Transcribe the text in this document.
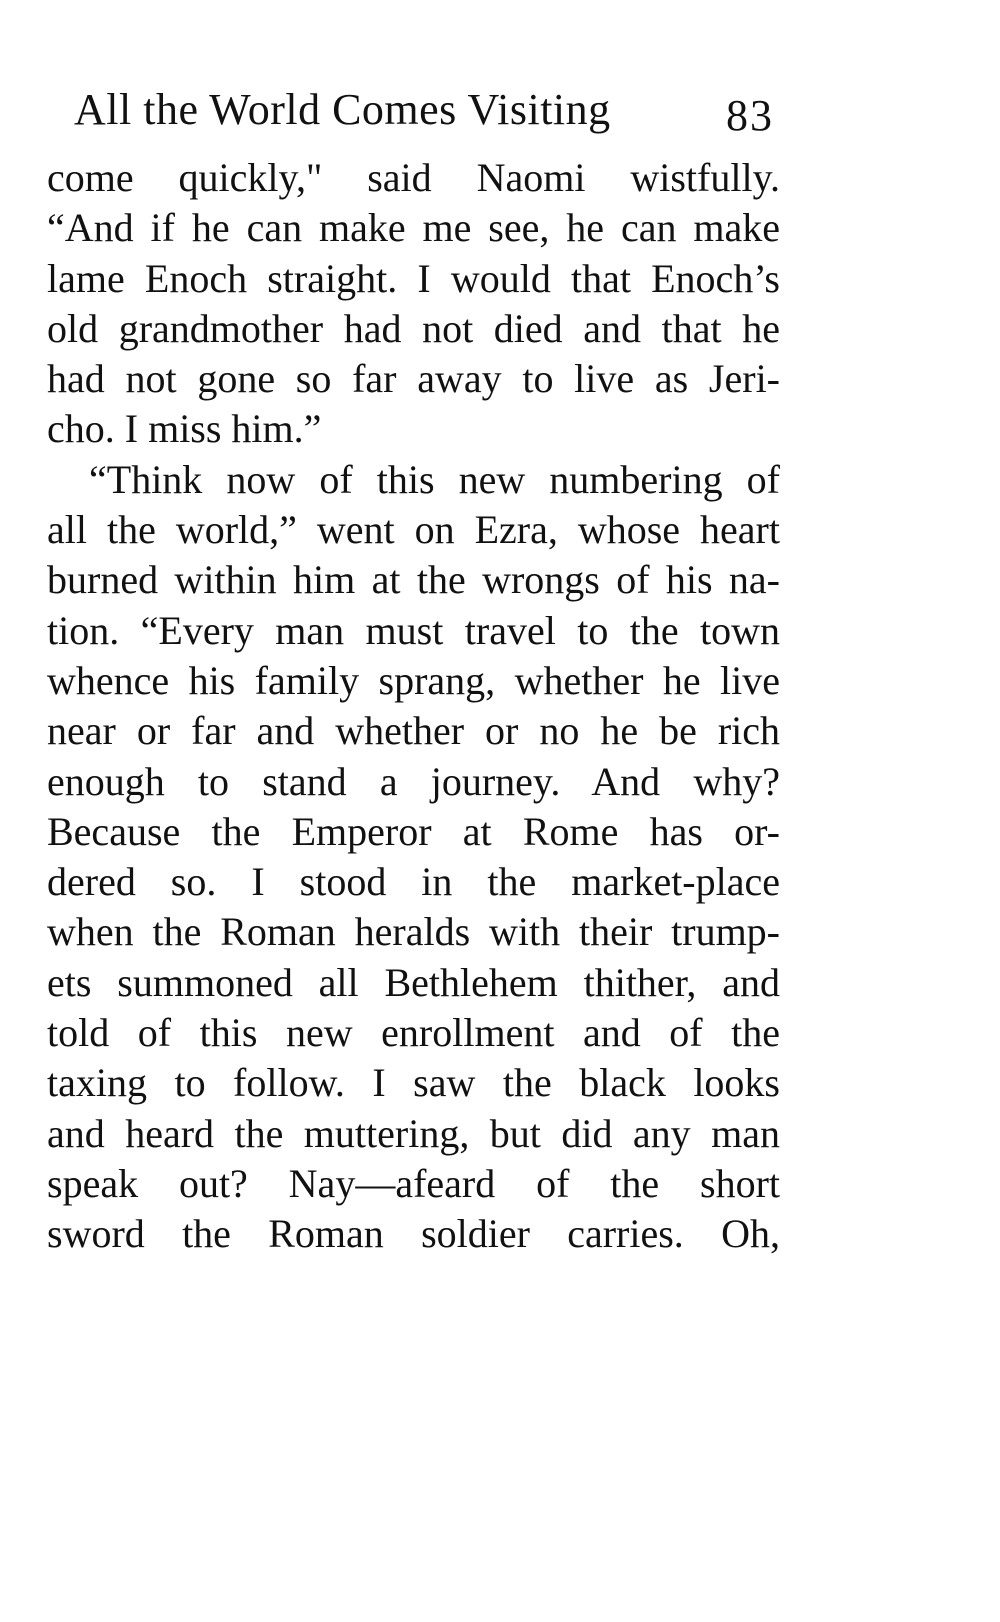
All the World Comes Visiting	83
come quickly," said Naomi wistfully.
“And if he can make me see, he can make
lame Enoch straight. I would that Enoch’s
old grandmother had not died and that he
had not gone so far away to live as Jeri-
cho. I miss him.”
“Think now of this new numbering of
all the world,” went on Ezra, whose heart
burned within him at the wrongs of his na-
tion. “Every man must travel to the town
whence his family sprang, whether he live
near or far and whether or no he be rich
enough to stand a journey. And why?
Because the Emperor at Rome has or-
dered so. I stood in the market-place
when the Roman heralds with their trump-
ets summoned all Bethlehem thither, and
told of this new enrollment and of the
taxing to follow. I saw the black looks
and heard the muttering, but did any man
speak out? Nay—afeard of the short
sword the Roman soldier carries. Oh,
